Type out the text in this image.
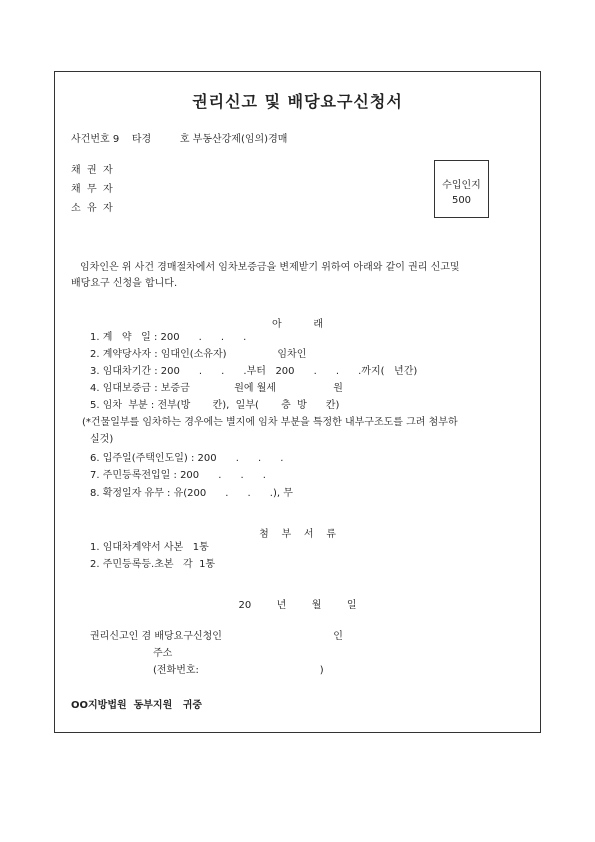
권리신고 및 배당요구신청서
사건번호 9    타경         호 부동산강제(임의)경매
채  권  자
채  무  자
소  유  자
수입인지
500
임차인은 위 사건 경매절차에서 임차보증금을 변제받기 위하여 아래와 같이 권리 신고및
배당요구 신청을 합니다.
아          래
1. 계   약   일 : 200      .      .      .
2. 계약당사자 : 임대인(소유자)                임차인
3. 임대차기간 : 200      .      .      .부터   200      .      .      .까지(   년간)
4. 임대보증금 : 보증금              원에 월세                  원
5. 임차  부분 : 전부(방       칸),  일부(       층  방      칸)
(*건물일부를 임차하는 경우에는 별지에 임차 부분을 특정한 내부구조도를 그려 첨부하
실것)
6. 입주일(주택인도일) : 200      .      .      .
7. 주민등록전입일 : 200      .      .      .
8. 확정일자 유무 : 유(200      .      .      .), 무
첨    부    서    류
1. 임대차계약서 사본   1통
2. 주민등록등.초본   각  1통
20        년        월        일
권리신고인 겸 배당요구신청인                                   인
주소
(전화번호:                                      )
OO지방법원  동부지원   귀중
